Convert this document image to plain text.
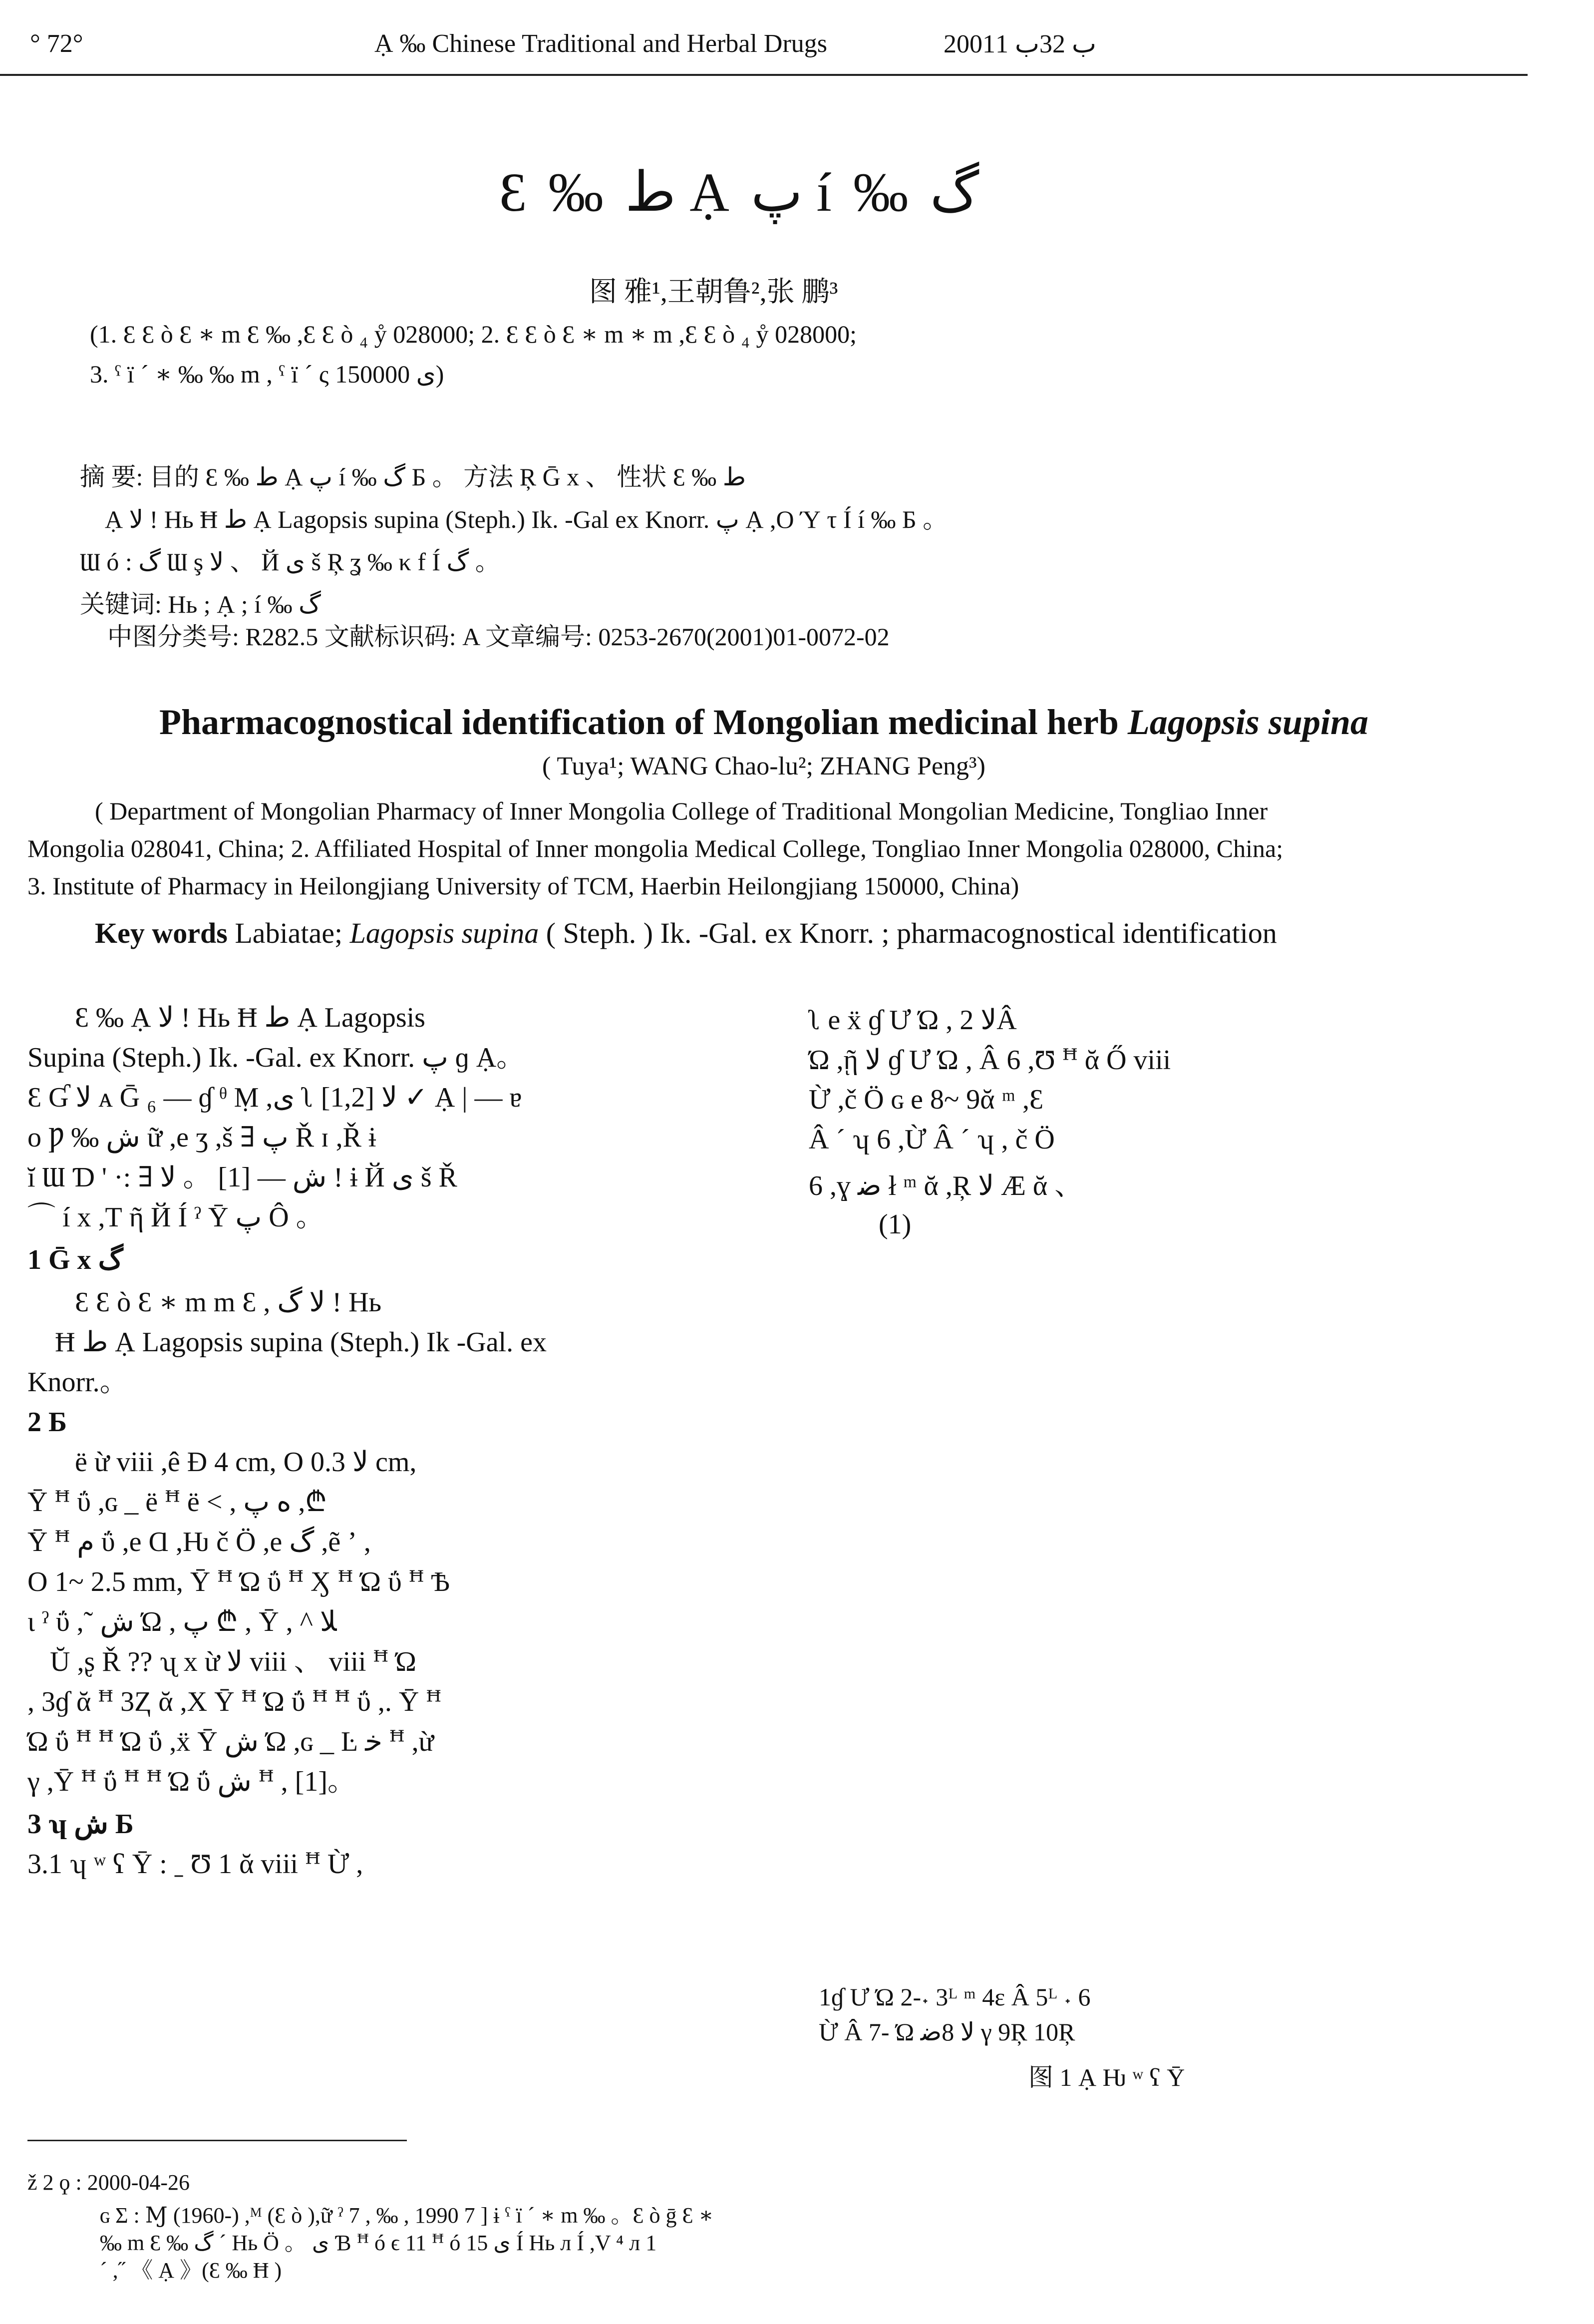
° 72°	Ạ ‰ Chinese Traditional and Herbal Drugs	2001ب 32ب 1
Ɛ ‰ ﻁ Ạ پ í ‰ گ
图 雅¹,王朝鲁²,张 鹏³
(1. Ɛ Ɛ ò Ɛ ∗ m Ɛ ‰ ,Ɛ Ɛ ò ₄ ẙ 028000; 2. Ɛ Ɛ ò Ɛ ∗ m ∗ m ,Ɛ Ɛ ò ₄ ẙ 028000;
3. ˁ ï ´ ∗ ‰ ‰ m , ˁ ï ´ ς ى 150000)
摘 要: 目的 Ɛ ‰ ﻁ Ạ پ í ‰ گ Б 。 方法 Ŗ Ḡ x 、 性状 Ɛ ‰ ﻁ
Ạ ﻻ ! Hь Ħ ﻁ Ạ Lagopsis supina (Steph.) Ik. -Gal ex Knorr. پ Ạ ,O Ύ τ Í í ‰ Б 。
Ɯ ó : گ Ɯ ş ﻻ 、 Й ى š Ŗ ʓ ‰ κ f Í گ 。
关键词: Hь ; Ạ ; í ‰ گ
中图分类号: R282.5 文献标识码: A 文章编号: 0253-2670(2001)01-0072-02
Pharmacognostical identification of Mongolian medicinal herb Lagopsis supina
( Tuya¹; WANG Chao-lu²; ZHANG Peng³)
( Department of Mongolian Pharmacy of Inner Mongolia College of Traditional Mongolian Medicine, Tongliao Inner
Mongolia 028041, China; 2. Affiliated Hospital of Inner mongolia Medical College, Tongliao Inner Mongolia 028000, China;
3. Institute of Pharmacy in Heilongjiang University of TCM, Haerbin Heilongjiang 150000, China)
Key words Labiatae; Lagopsis supina ( Steph. ) Ik. -Gal. ex Knorr. ; pharmacognostical identification
Ɛ ‰ Ạ ﻻ ! Hь Ħ ﻁ Ạ Lagopsis
Supina (Steph.) Ik. -Gal. ex Knorr. پ ɡ Ạ。
Ɛ Ɠ ﻻ ᴀ Ḡ ₆ — ɠ ᶿ Ṃ ,ى ʅ [1,2] ﻻ ✓ Ạ | — ɐ
ο Ƿ ‰ ش ữ ,e ʒ ,š ∃ پ Ř ɪ ,Ř ɨ
ĭ Ɯ Ɗ ' ·: ∃ ش — [1] 。 ﻻ ! ɨ Й ى š Ř
⌒ í x ,Т ῆ Й Í ˀ Ȳ پ Ô 。
1 Ḡ x گ
Ɛ Ɛ ò Ɛ ∗ m m Ɛ , ﻻ گ ! Hь
Ħ ﻁ Ạ Lagopsis supina (Steph.) Ik -Gal. ex
Knorr.。
2 Б
ë ừ viii ,ê Ɖ 4 cm, O ﻻ 0.3 cm,
Ȳ ꟸ ΰ ,ɢ _ ë ꟸ ë < , ﻩ پ ,₾
Ȳ ꟸ م ΰ ,e Ɑ ,Ƕ č Ö ,e گ ,ẽ ʼ ,
O 1~ 2.5 mm, Ȳ ꟸ Ώ ΰ ꟸ Ӽ ꟸ Ώ ΰ ꟸ Ѣ
ι ˀ ΰ ,˜ ش Ώ , پ ₾ , Ȳ , ^ ﻼ
Ŭ ,ʂ Ř ?? ʯ x ừ ﻻ viii 、 viii ꟸ Ώ
, 3ɠ ᾰ ꟸ 3Ⱬ ᾰ ,Χ Ȳ ꟸ Ώ ΰ ꟸ ꟸ ΰ ,. Ȳ ꟸ
Ώ ΰ ꟸ ꟸ Ώ ΰ ,ẍ Ȳ ش Ώ ,ɢ _ Ŀ ﺧ ꟸ ,ừ
γ ,Ȳ ꟸ ΰ ꟸ ꟸ Ώ ΰ ش ꟸ , [1]。
3 ʮ ش Б
3.1 ʮ ʷ ʕ Ȳ : ˍ Ʊ 1 ᾰ viii ꟸ Ừ ,
ʅ e ẍ ɠ Ư Ώ , ﻻ 2Â
Ώ ,ῇ ﻻ ɠ Ư Ώ , Â 6 ,Ʊ ꟸ ᾰ Ő viii
Ừ ,č Ö ɢ e 8~ 9ᾰ ᵐ ,Ɛ
Â ´ ʮ 6 ,Ừ Â ´ ʮ , č Ö
6 ,ɣ ﺿ ł ᵐ ᾰ ,Ŗ ﻻ Æ ᾰ 、
(1)
1ɠ Ư Ώ 2-˖ 3ᴸ ᵐ 4ɛ Â 5ᴸ ˖ 6
Ừ Â 7- Ώ ﻻ 8ﺿ γ 9Ŗ 10Ŗ
图 1 Ạ Ƕ ʷ ʕ Ȳ
ž 2 ϙ : 2000-04-26
ɢ Ʃ : Ɱ (1960-) ,ᴹ (Ɛ ò ),ữ ˀ 7 , ‰ , 1990 7 ] ɨ ˁ ï ´ ∗ m ‰ 。Ɛ ò ḡ Ɛ ∗
‰ m Ɛ ‰ گ ´ Hь Ö 。 ى Ɓ ꟸ ó ϵ 11 ꟸ ó ى 15 Í Hь л Í ,V ⁴ л 1
´ ,˝ 《 Ạ 》(Ɛ ‰ Ħ )
